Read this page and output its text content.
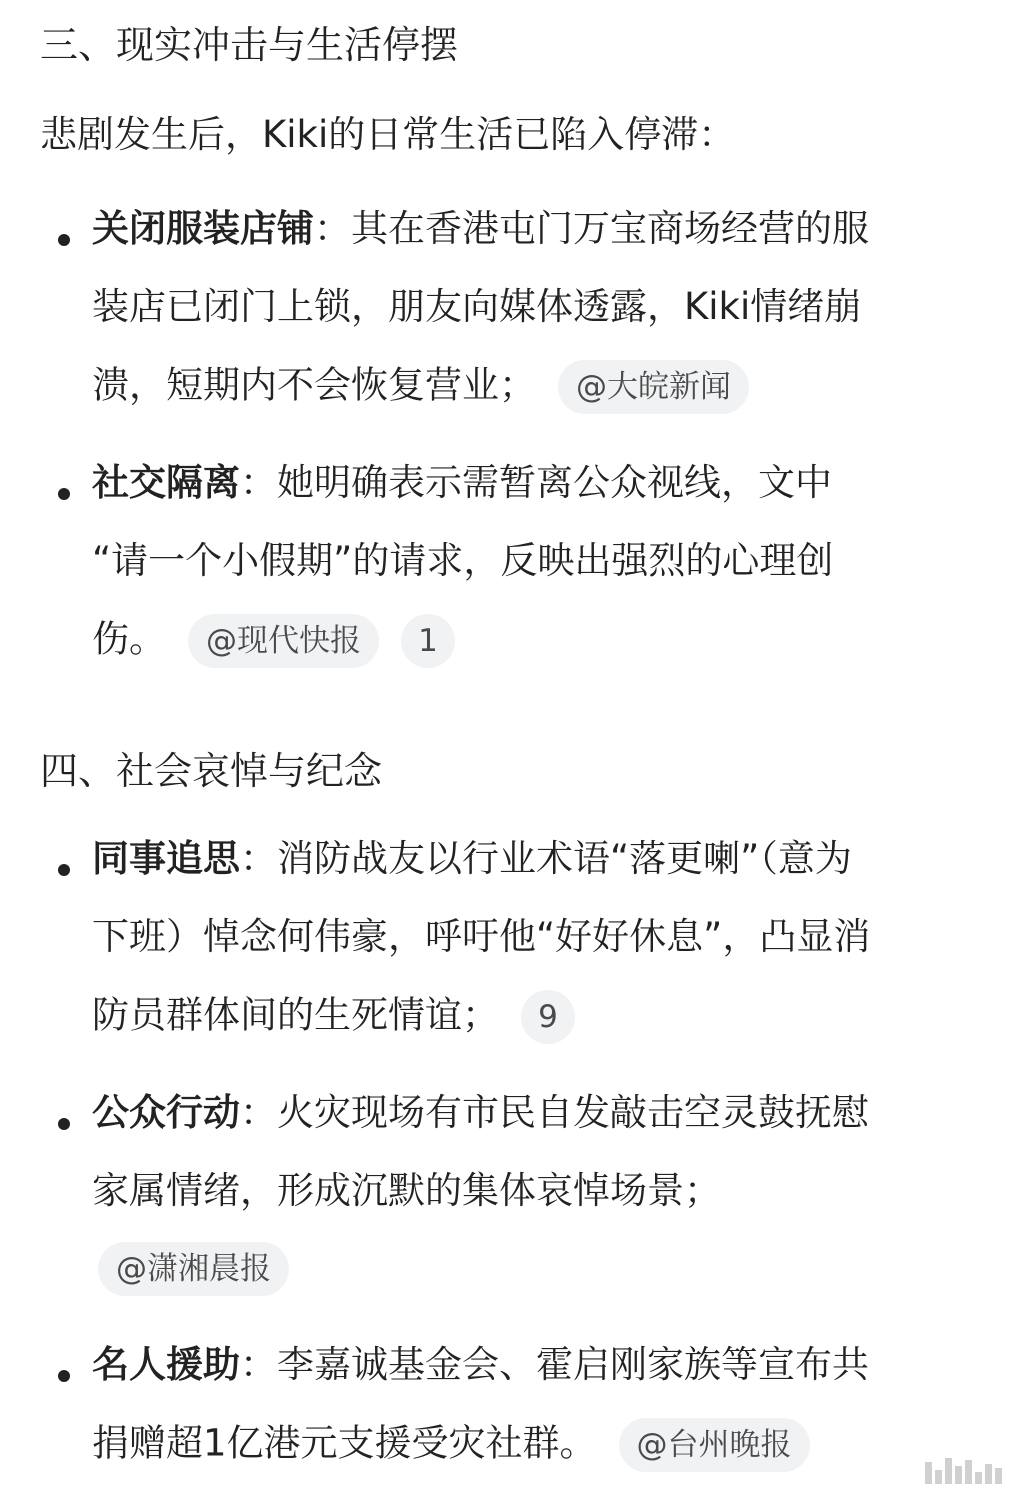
三、现实冲击与生活停摆
悲剧发生后，Kiki的日常生活已陷入停滞：
关闭服装店铺：其在香港屯门万宝商场经营的服
装店已闭门上锁，朋友向媒体透露，Kiki情绪崩
溃，短期内不会恢复营业； @大皖新闻
社交隔离：她明确表示需暂离公众视线，文中
“请一个小假期”的请求，反映出强烈的心理创
伤。 @现代快报 1
四、社会哀悼与纪念
同事追思：消防战友以行业术语“落更喇”（意为
下班）悼念何伟豪，呼吁他“好好休息”，凸显消
防员群体间的生死情谊； 9
公众行动：火灾现场有市民自发敲击空灵鼓抚慰
家属情绪，形成沉默的集体哀悼场景；
@潇湘晨报
名人援助：李嘉诚基金会、霍启刚家族等宣布共
捐赠超1亿港元支援受灾社群。 @台州晚报
